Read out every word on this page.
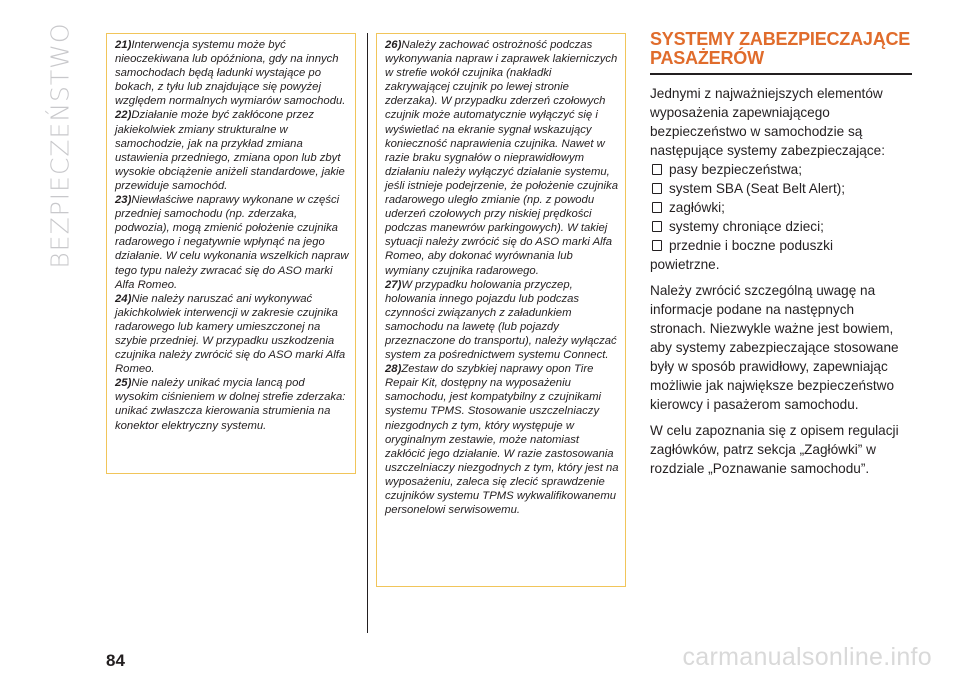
BEZPIECZEŃSTWO	21)Interwencja systemu może być nieoczekiwana lub opóźniona, gdy na innych samochodach będą ładunki wystające po bokach, z tyłu lub znajdujące się powyżej względem normalnych wymiarów samochodu.

22)Działanie może być zakłócone przez jakiekolwiek zmiany strukturalne w samochodzie, jak na przykład zmiana ustawienia przedniego, zmiana opon lub zbyt wysokie obciążenie aniżeli standardowe, jakie przewiduje samochód.

23)Niewłaściwe naprawy wykonane w części przedniej samochodu (np. zderzaka, podwozia), mogą zmienić położenie czujnika radarowego i negatywnie wpłynąć na jego działanie. W celu wykonania wszelkich napraw tego typu należy zwracać się do ASO marki Alfa Romeo.

24)Nie należy naruszać ani wykonywać jakichkolwiek interwencji w zakresie czujnika radarowego lub kamery umieszczonej na szybie przedniej. W przypadku uszkodzenia czujnika należy zwrócić się do ASO marki Alfa Romeo.

25)Nie należy unikać mycia lancą pod wysokim ciśnieniem w dolnej strefie zderzaka: unikać zwłaszcza kierowania strumienia na konektor elektryczny systemu.

26)Należy zachować ostrożność podczas wykonywania napraw i zaprawek lakierniczych w strefie wokół czujnika (nakładki zakrywającej czujnik po lewej stronie zderzaka). W przypadku zderzeń czołowych czujnik może automatycznie wyłączyć się i wyświetlać na ekranie sygnał wskazujący konieczność naprawienia czujnika. Nawet w razie braku sygnałów o nieprawidłowym działaniu należy wyłączyć działanie systemu, jeśli istnieje podejrzenie, że położenie czujnika radarowego uległo zmianie (np. z powodu uderzeń czołowych przy niskiej prędkości podczas manewrów parkingowych). W takiej sytuacji należy zwrócić się do ASO marki Alfa Romeo, aby dokonać wyrównania lub wymiany czujnika radarowego.

27)W przypadku holowania przyczep, holowania innego pojazdu lub podczas czynności związanych z załadunkiem samochodu na lawetę (lub pojazdy przeznaczone do transportu), należy wyłączać system za pośrednictwem systemu Connect.

28)Zestaw do szybkiej naprawy opon Tire Repair Kit, dostępny na wyposażeniu samochodu, jest kompatybilny z czujnikami systemu TPMS. Stosowanie uszczelniaczy niezgodnych z tym, który występuje w oryginalnym zestawie, może natomiast zakłócić jego działanie. W razie zastosowania uszczelniaczy niezgodnych z tym, który jest na wyposażeniu, zaleca się zlecić sprawdzenie czujników systemu TPMS wykwalifikowanemu personelowi serwisowemu.

SYSTEMY ZABEZPIECZAJĄCE PASAŻERÓW

Jednymi z najważniejszych elementów wyposażenia zapewniającego bezpieczeństwo w samochodzie są następujące systemy zabezpieczające:

pasy bezpieczeństwa;
system SBA (Seat Belt Alert);
zagłówki;
systemy chroniące dzieci;
przednie i boczne poduszki

powietrzne.

Należy zwrócić szczególną uwagę na informacje podane na następnych stronach. Niezwykle ważne jest bowiem, aby systemy zabezpieczające stosowane były w sposób prawidłowy, zapewniając możliwie jak największe bezpieczeństwo kierowcy i pasażerom samochodu.

W celu zapoznania się z opisem regulacji zagłówków, patrz sekcja „Zagłówki” w rozdziale „Poznawanie samochodu”.

84	carmanualsonline.info
